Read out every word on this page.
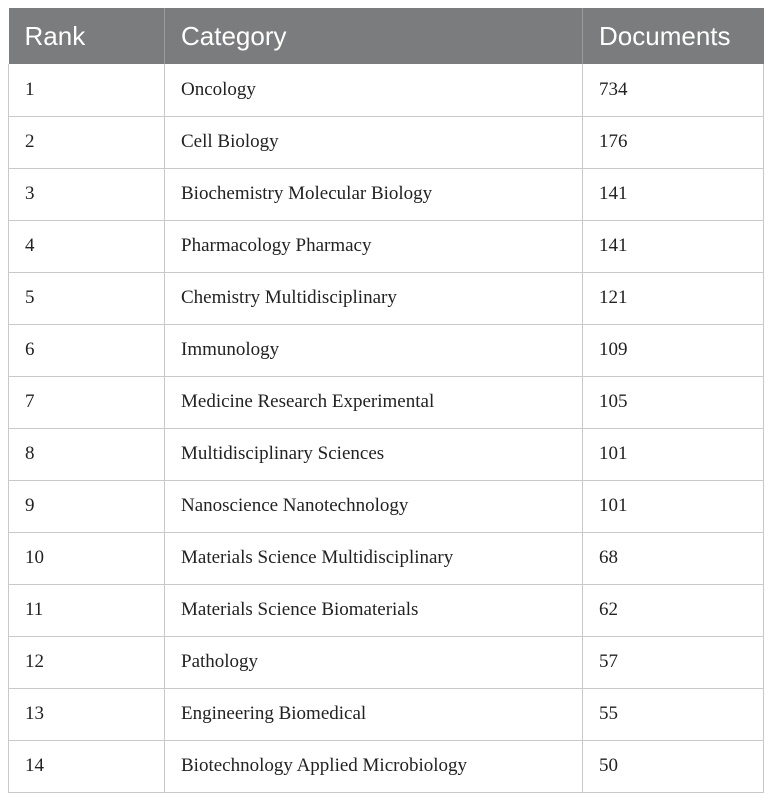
Rank	Category	Documents
1	Oncology	734
2	Cell Biology	176
3	Biochemistry Molecular Biology	141
4	Pharmacology Pharmacy	141
5	Chemistry Multidisciplinary	121
6	Immunology	109
7	Medicine Research Experimental	105
8	Multidisciplinary Sciences	101
9	Nanoscience Nanotechnology	101
10	Materials Science Multidisciplinary	68
11	Materials Science Biomaterials	62
12	Pathology	57
13	Engineering Biomedical	55
14	Biotechnology Applied Microbiology	50
